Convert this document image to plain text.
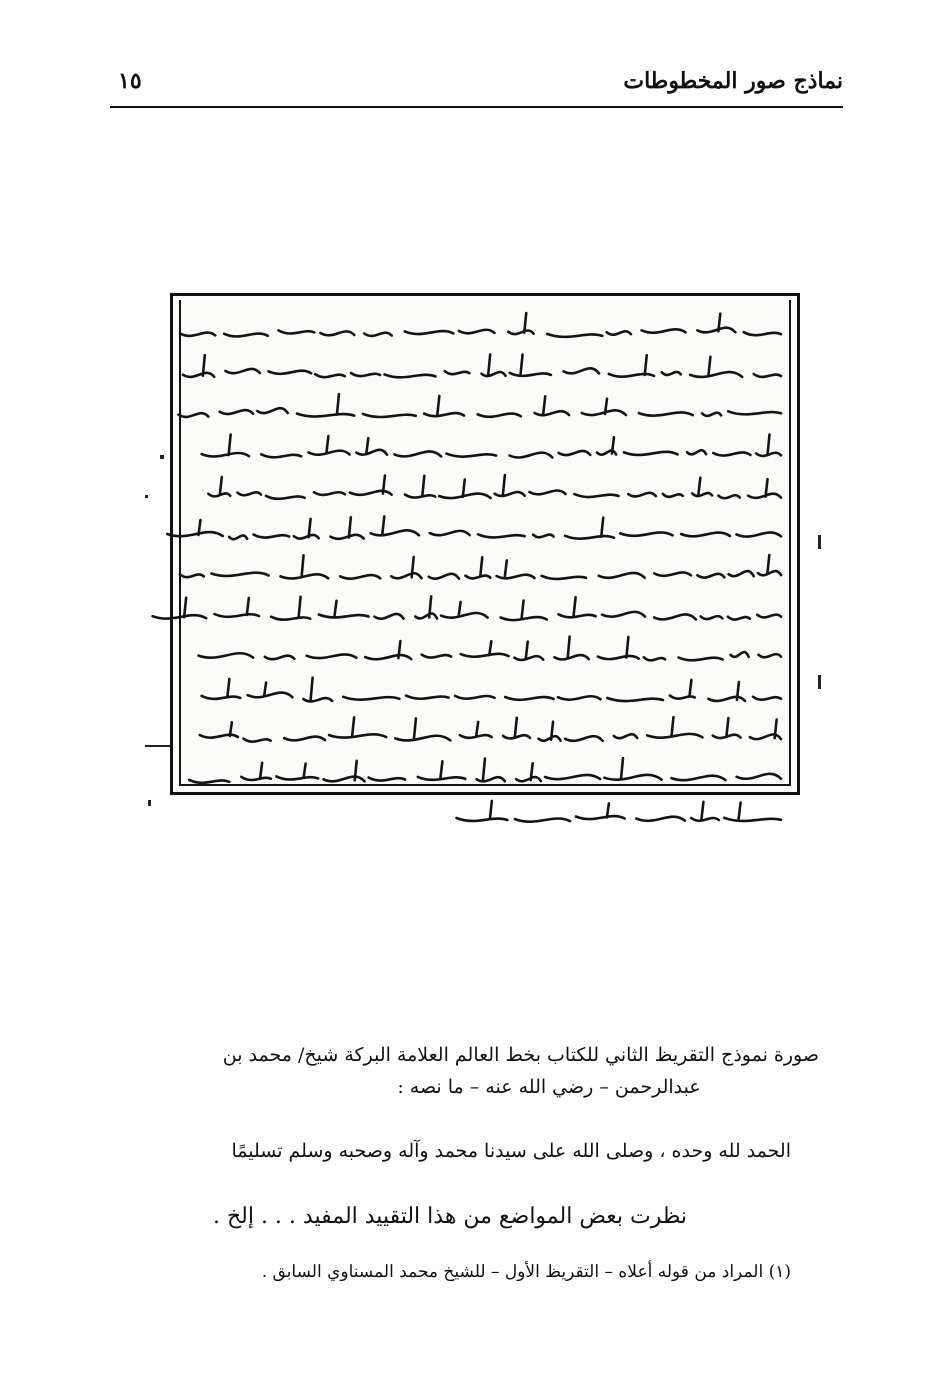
نماذج صور المخطوطات
١٥
صورة نموذج التقريظ الثاني للكتاب بخط العالم العلامة البركة شيخ/ محمد بن
عبدالرحمن – رضي الله عنه – ما نصه :
الحمد لله وحده ، وصلى الله على سيدنا محمد وآله وصحبه وسلم تسليمًا
نظرت بعض المواضع من هذا التقييد المفيد . . . إلخ .
(١) المراد من قوله أعلاه – التقريظ الأول – للشيخ محمد المسناوي السابق .
